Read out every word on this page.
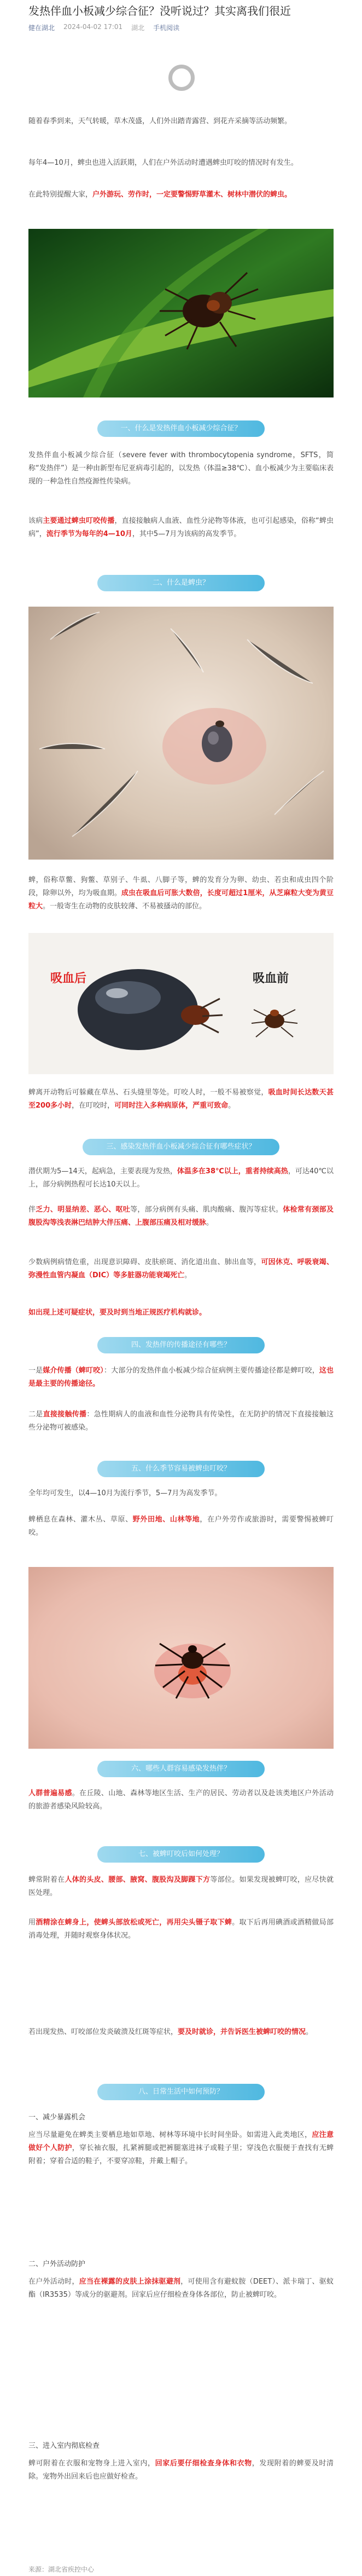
发热伴血小板减少综合征？没听说过？其实离我们很近
健在湖北 2024-04-02 17:01 湖北 手机阅读

随着春季到来，天气转暖，草木茂盛，人们外出踏青露营、到花卉采摘等活动频繁。

每年4—10月，蜱虫也进入活跃期，人们在户外活动时遭遇蜱虫叮咬的情况时有发生。

在此特别提醒大家，户外游玩、劳作时，一定要警惕野草灌木、树林中潜伏的蜱虫。

一、什么是发热伴血小板减少综合征？

发热伴血小板减少综合征（severe fever with thrombocytopenia syndrome，SFTS，简称“发热伴”）是一种由新型布尼亚病毒引起的，以发热（体温≥38℃）、血小板减少为主要临床表现的一种急性自然疫源性传染病。

该病主要通过蜱虫叮咬传播，直接接触病人血液、血性分泌物等体液，也可引起感染，俗称“蜱虫病”，流行季节为每年的4—10月，其中5—7月为该病的高发季节。

二、什么是蜱虫？

蜱，俗称草鳖、狗鳖、草别子、牛虱、八脚子等，蜱的发育分为卵、幼虫、若虫和成虫四个阶段，除卵以外，均为吸血期。成虫在吸血后可胀大数倍，长度可超过1厘米，从芝麻粒大变为黄豆粒大。一般寄生在动物的皮肤较薄、不易被搔动的部位。

吸血后	吸血前

蜱离开动物后可躲藏在草丛、石头缝里等处。叮咬人时，一般不易被察觉，吸血时间长达数天甚至200多小时，在叮咬时，可同时注入多种病原体，严重可致命。

三、感染发热伴血小板减少综合征有哪些症状？

潜伏期为5—14天，起病急，主要表现为发热，体温多在38℃以上，重者持续高热，可达40℃以上，部分病例热程可长达10天以上。

伴乏力、明显纳差、恶心、呕吐等，部分病例有头痛、肌肉酸痛、腹泻等症状。体检常有颈部及腹股沟等浅表淋巴结肿大伴压痛、上腹部压痛及相对缓脉。

少数病例病情危重，出现意识障碍、皮肤瘀斑、消化道出血、肺出血等，可因休克、呼吸衰竭、弥漫性血管内凝血（DIC）等多脏器功能衰竭死亡。

如出现上述可疑症状，要及时到当地正规医疗机构就诊。

四、发热伴的传播途径有哪些？

一是媒介传播（蜱叮咬）：大部分的发热伴血小板减少综合征病例主要传播途径都是蜱叮咬，这也是最主要的传播途径。

二是直接接触传播：急性期病人的血液和血性分泌物具有传染性，在无防护的情况下直接接触这些分泌物可被感染。

五、什么季节容易被蜱虫叮咬？

全年均可发生，以4—10月为流行季节，5—7月为高发季节。

蜱栖息在森林、灌木丛、草原、野外田地、山林等地，在户外劳作或旅游时，需要警惕被蜱叮咬。

六、哪些人群容易感染发热伴？

人群普遍易感。在丘陵、山地、森林等地区生活、生产的居民、劳动者以及赴该类地区户外活动的旅游者感染风险较高。

七、被蜱叮咬后如何处理？

蜱常附着在人体的头皮、腰部、腋窝、腹股沟及脚踝下方等部位。如果发现被蜱叮咬，应尽快就医处理。

用酒精涂在蜱身上，使蜱头部放松或死亡，再用尖头镊子取下蜱。取下后再用碘酒或酒精做局部消毒处理，并随时观察身体状况。

若出现发热、叮咬部位发炎破溃及红斑等症状，要及时就诊，并告诉医生被蜱叮咬的情况。

八、日常生活中如何预防？
一、减少暴露机会

应当尽量避免在蜱类主要栖息地如草地、树林等环境中长时间坐卧。如需进入此类地区，应注意做好个人防护，穿长袖衣服，扎紧裤腿或把裤腿塞进袜子或鞋子里；穿浅色衣服便于查找有无蜱附着；穿着合适的鞋子，不要穿凉鞋，并戴上帽子。

二、户外活动防护

在户外活动时，应当在裸露的皮肤上涂抹驱避剂，可使用含有避蚊胺（DEET）、派卡瑞丁、驱蚊酯（IR3535）等成分的驱避剂。回家后应仔细检查身体各部位，防止被蜱叮咬。

三、进入室内彻底检查

蜱可附着在衣服和宠物身上进入室内，回家后要仔细检查身体和衣物，发现附着的蜱要及时清除。宠物外出回来后也应做好检查。

来源：湖北省疾控中心
